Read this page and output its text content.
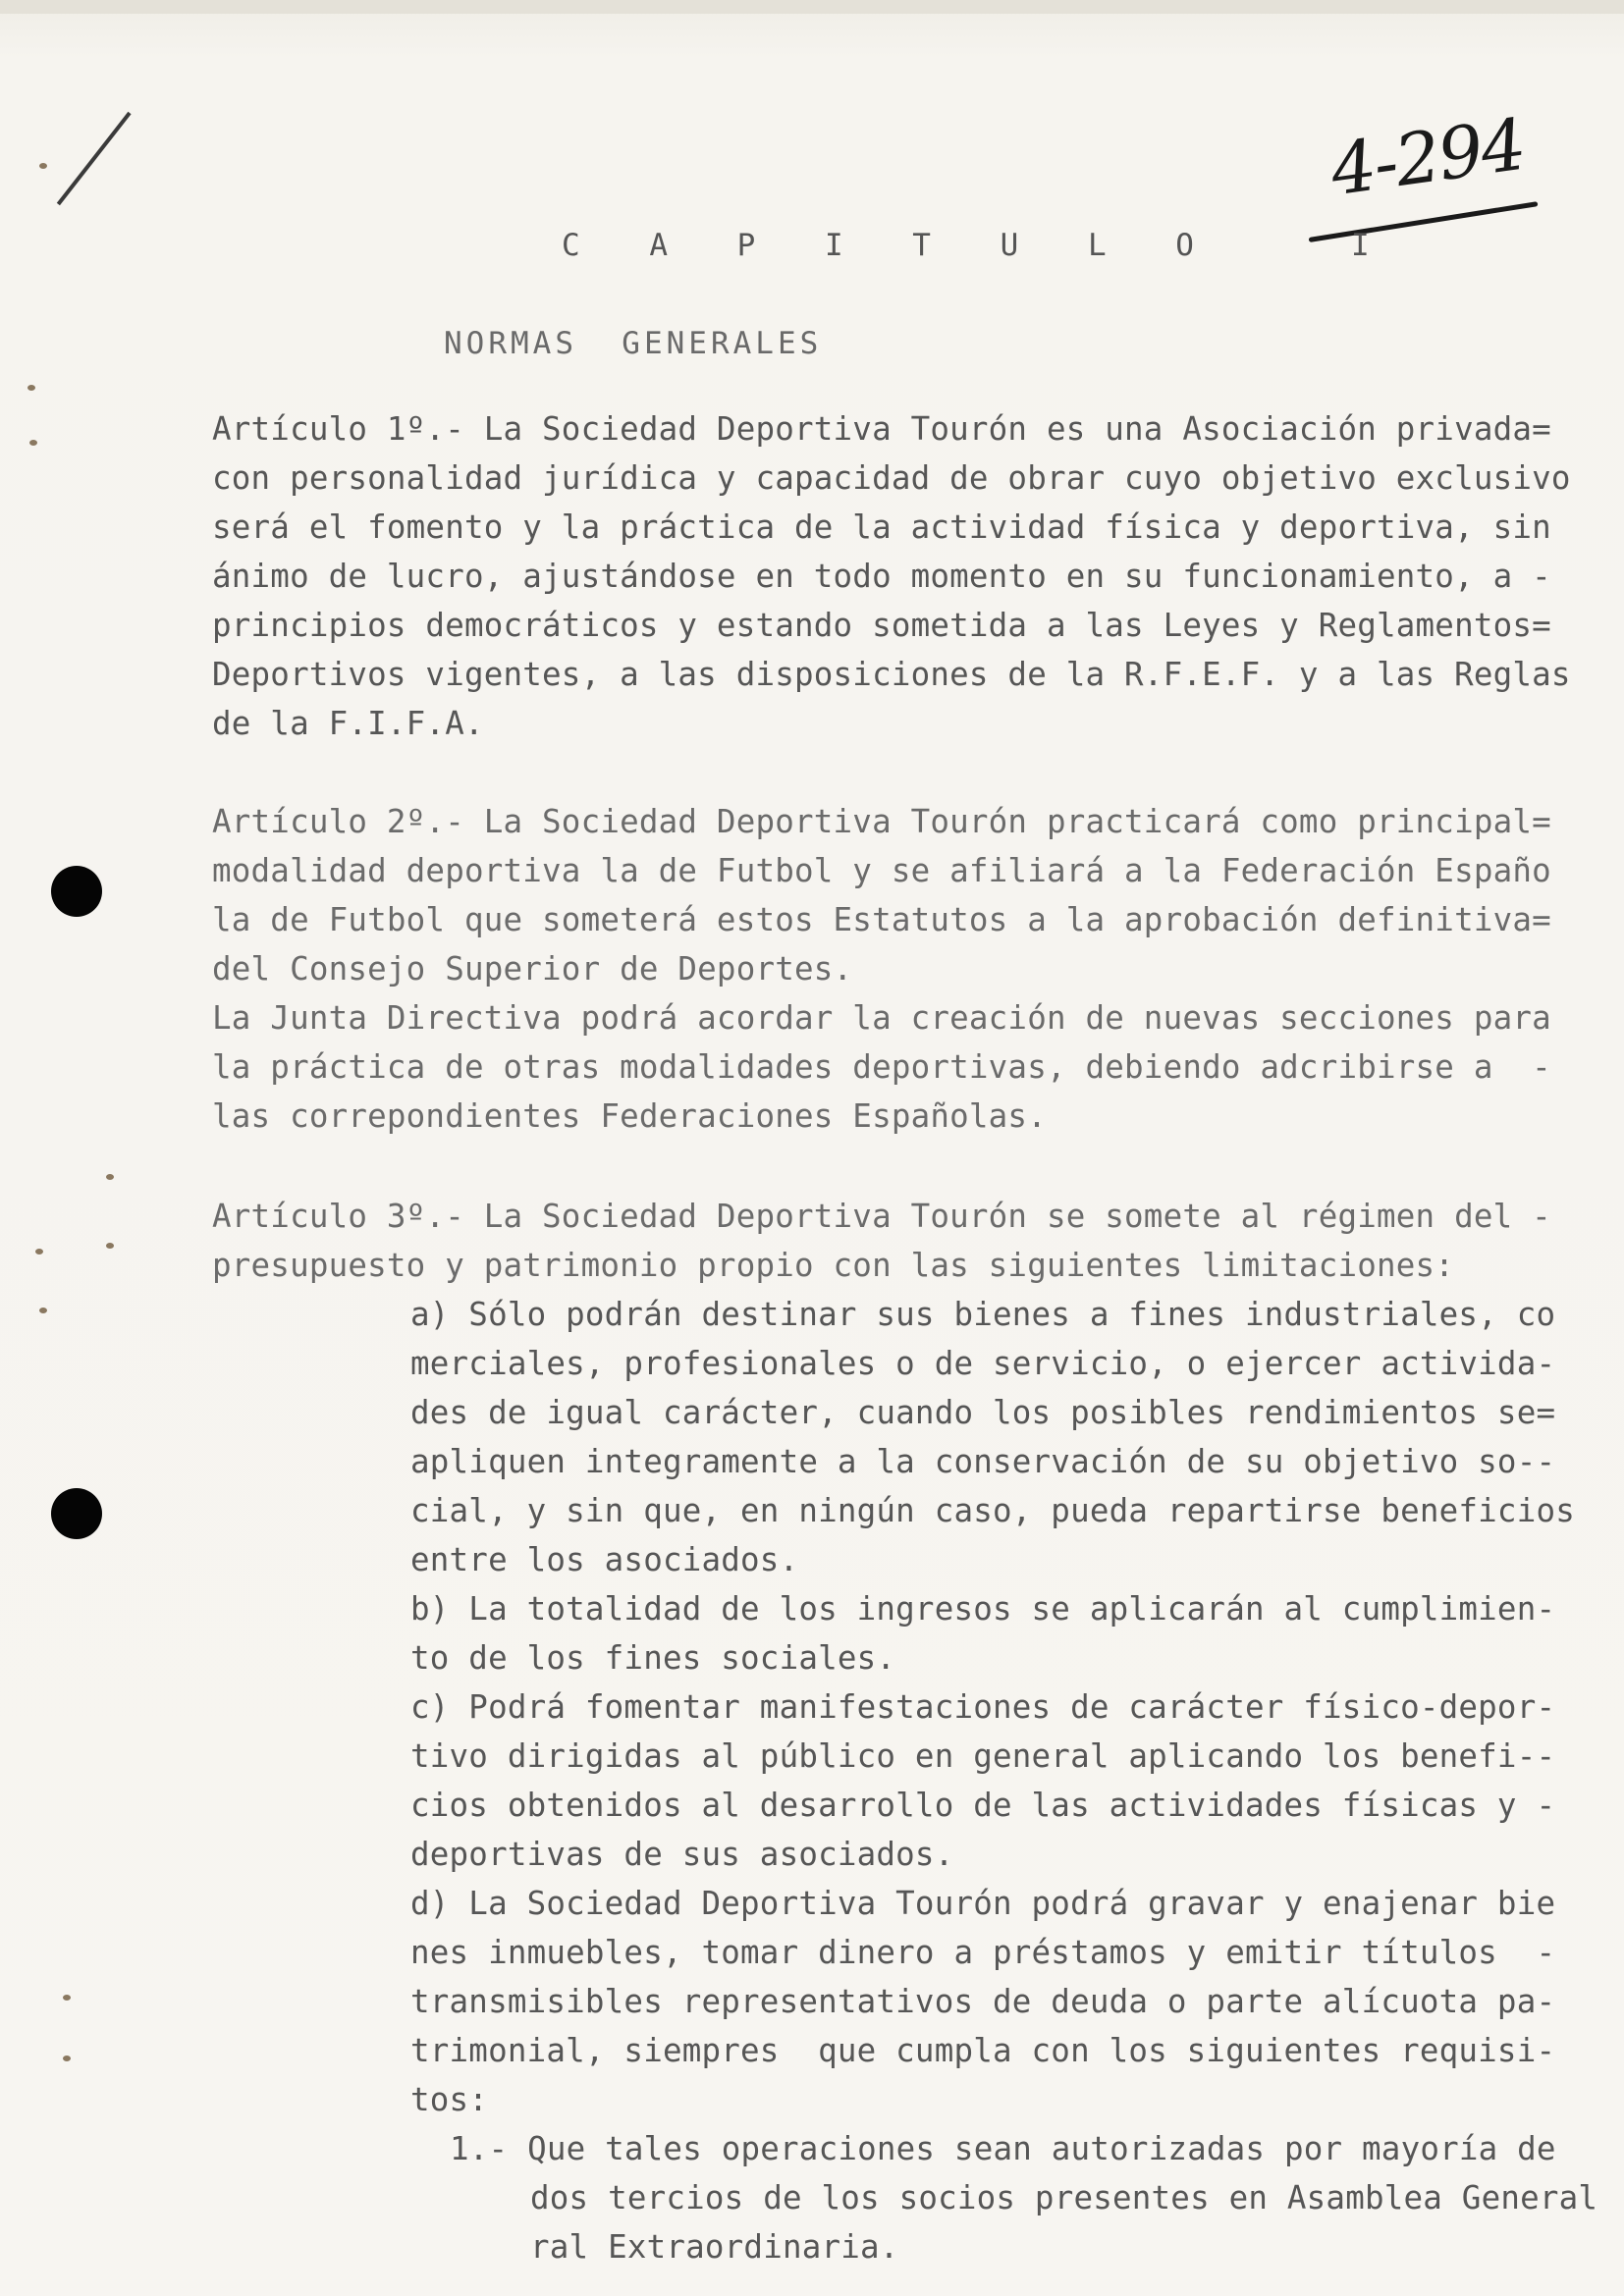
4-294
C A P I T U L O   I
NORMAS  GENERALES
Artículo 1º.- La Sociedad Deportiva Tourón es una Asociación privada=
con personalidad jurídica y capacidad de obrar cuyo objetivo exclusivo
será el fomento y la práctica de la actividad física y deportiva, sin
ánimo de lucro, ajustándose en todo momento en su funcionamiento, a -
principios democráticos y estando sometida a las Leyes y Reglamentos=
Deportivos vigentes, a las disposiciones de la R.F.E.F. y a las Reglas
de la F.I.F.A.
Artículo 2º.- La Sociedad Deportiva Tourón practicará como principal=
modalidad deportiva la de Futbol y se afiliará a la Federación Españo
la de Futbol que someterá estos Estatutos a la aprobación definitiva=
del Consejo Superior de Deportes.
La Junta Directiva podrá acordar la creación de nuevas secciones para
la práctica de otras modalidades deportivas, debiendo adcribirse a  -
las correpondientes Federaciones Españolas.
Artículo 3º.- La Sociedad Deportiva Tourón se somete al régimen del -
presupuesto y patrimonio propio con las siguientes limitaciones:
a) Sólo podrán destinar sus bienes a fines industriales, co
merciales, profesionales o de servicio, o ejercer activida-
des de igual carácter, cuando los posibles rendimientos se=
apliquen integramente a la conservación de su objetivo so--
cial, y sin que, en ningún caso, pueda repartirse beneficios
entre los asociados.
b) La totalidad de los ingresos se aplicarán al cumplimien-
to de los fines sociales.
c) Podrá fomentar manifestaciones de carácter físico-depor-
tivo dirigidas al público en general aplicando los benefi--
cios obtenidos al desarrollo de las actividades físicas y -
deportivas de sus asociados.
d) La Sociedad Deportiva Tourón podrá gravar y enajenar bie
nes inmuebles, tomar dinero a préstamos y emitir títulos  -
transmisibles representativos de deuda o parte alícuota pa-
trimonial, siempres  que cumpla con los siguientes requisi-
tos:
1.- Que tales operaciones sean autorizadas por mayoría de
dos tercios de los socios presentes en Asamblea General
ral Extraordinaria.
